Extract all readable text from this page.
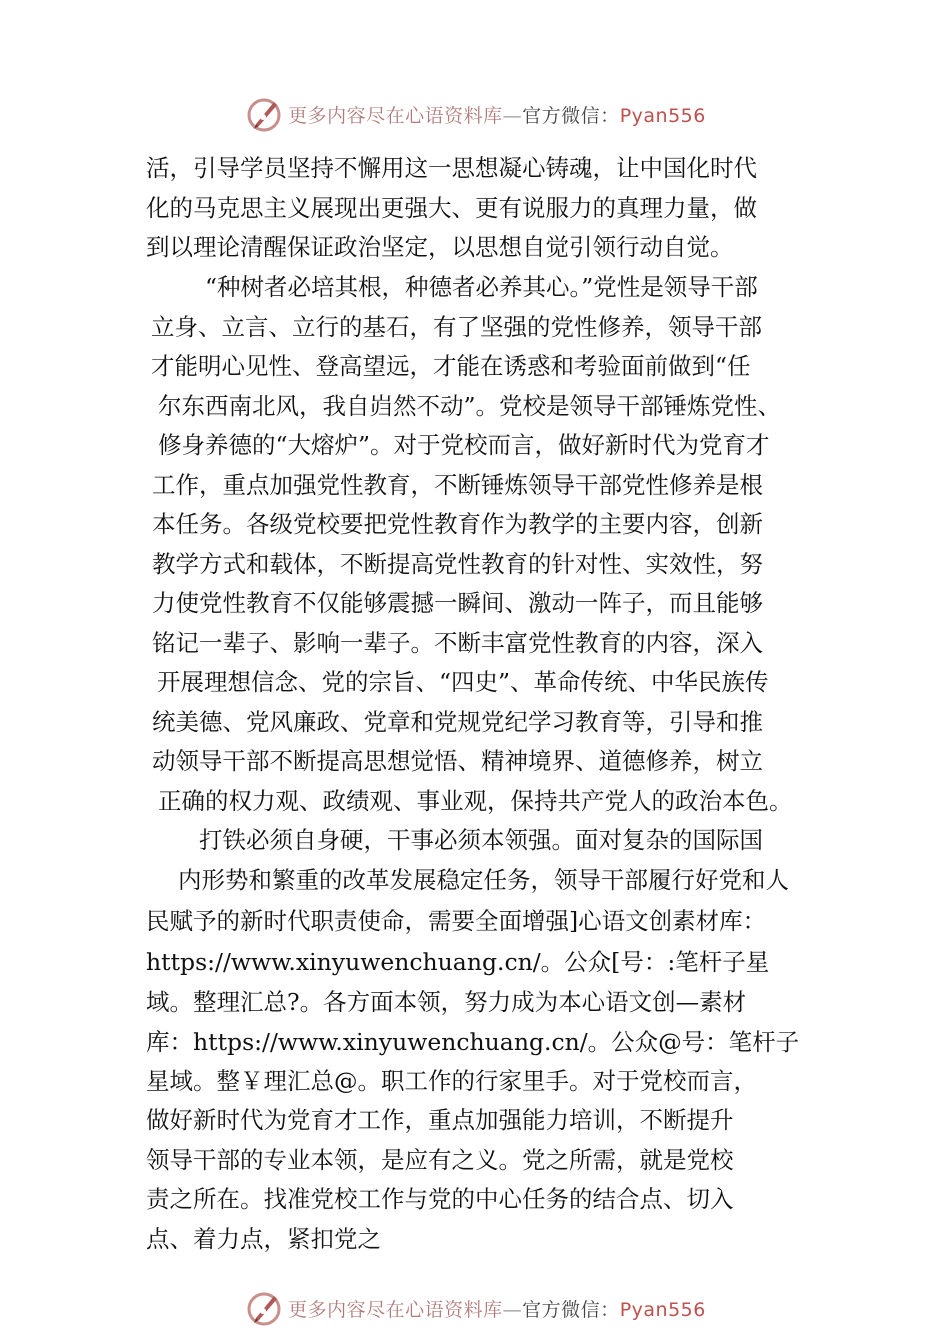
更多内容尽在心语资料库—官方微信：Pyan556
活，引导学员坚持不懈用这一思想凝心铸魂，让中国化时代
化的马克思主义展现出更强大、更有说服力的真理力量，做
到以理论清醒保证政治坚定，以思想自觉引领行动自觉。
“种树者必培其根，种德者必养其心。”党性是领导干部
立身、立言、立行的基石，有了坚强的党性修养，领导干部
才能明心见性、登高望远，才能在诱惑和考验面前做到“任
尔东西南北风，我自岿然不动”。党校是领导干部锤炼党性、
修身养德的“大熔炉”。对于党校而言，做好新时代为党育才
工作，重点加强党性教育，不断锤炼领导干部党性修养是根
本任务。各级党校要把党性教育作为教学的主要内容，创新
教学方式和载体，不断提高党性教育的针对性、实效性，努
力使党性教育不仅能够震撼一瞬间、激动一阵子，而且能够
铭记一辈子、影响一辈子。不断丰富党性教育的内容，深入
开展理想信念、党的宗旨、“四史”、革命传统、中华民族传
统美德、党风廉政、党章和党规党纪学习教育等，引导和推
动领导干部不断提高思想觉悟、精神境界、道德修养，树立
正确的权力观、政绩观、事业观，保持共产党人的政治本色。
打铁必须自身硬，干事必须本领强。面对复杂的国际国
内形势和繁重的改革发展稳定任务，领导干部履行好党和人
民赋予的新时代职责使命，需要全面增强]心语文创素材库：
https://www.xinyuwenchuang.cn/。公众[号：:笔杆子星
域。整理汇总?。各方面本领，努力成为本心语文创—素材
库：https://www.xinyuwenchuang.cn/。公众@号：笔杆子
星域。整￥理汇总@。职工作的行家里手。对于党校而言，
做好新时代为党育才工作，重点加强能力培训，不断提升
领导干部的专业本领，是应有之义。党之所需，就是党校
责之所在。找准党校工作与党的中心任务的结合点、切入
点、着力点，紧扣党之
更多内容尽在心语资料库—官方微信：Pyan556
